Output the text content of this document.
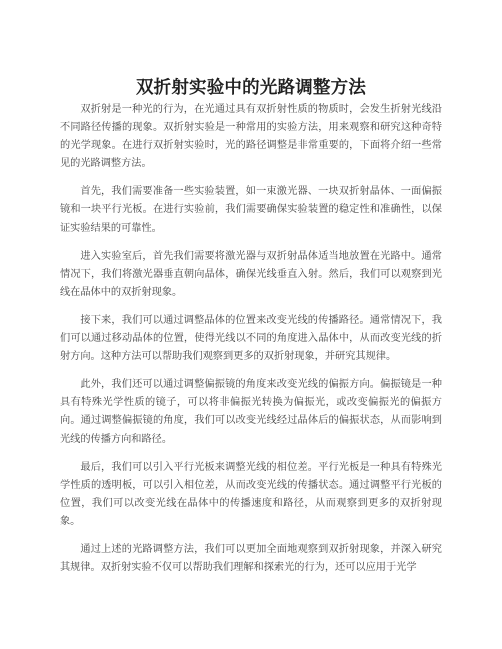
双折射实验中的光路调整方法

双折射是一种光的行为，在光通过具有双折射性质的物质时，会发生折射光线沿不同路径传播的现象。双折射实验是一种常用的实验方法，用来观察和研究这种奇特的光学现象。在进行双折射实验时，光的路径调整是非常重要的，下面将介绍一些常见的光路调整方法。

首先，我们需要准备一些实验装置，如一束激光器、一块双折射晶体、一面偏振镜和一块平行光板。在进行实验前，我们需要确保实验装置的稳定性和准确性，以保证实验结果的可靠性。

进入实验室后，首先我们需要将激光器与双折射晶体适当地放置在光路中。通常情况下，我们将激光器垂直朝向晶体，确保光线垂直入射。然后，我们可以观察到光线在晶体中的双折射现象。

接下来，我们可以通过调整晶体的位置来改变光线的传播路径。通常情况下，我们可以通过移动晶体的位置，使得光线以不同的角度进入晶体中，从而改变光线的折射方向。这种方法可以帮助我们观察到更多的双折射现象，并研究其规律。

此外，我们还可以通过调整偏振镜的角度来改变光线的偏振方向。偏振镜是一种具有特殊光学性质的镜子，可以将非偏振光转换为偏振光，或改变偏振光的偏振方向。通过调整偏振镜的角度，我们可以改变光线经过晶体后的偏振状态，从而影响到光线的传播方向和路径。

最后，我们可以引入平行光板来调整光线的相位差。平行光板是一种具有特殊光学性质的透明板，可以引入相位差，从而改变光线的传播状态。通过调整平行光板的位置，我们可以改变光线在晶体中的传播速度和路径，从而观察到更多的双折射现象。

通过上述的光路调整方法，我们可以更加全面地观察到双折射现象，并深入研究其规律。双折射实验不仅可以帮助我们理解和探索光的行为，还可以应用于光学
